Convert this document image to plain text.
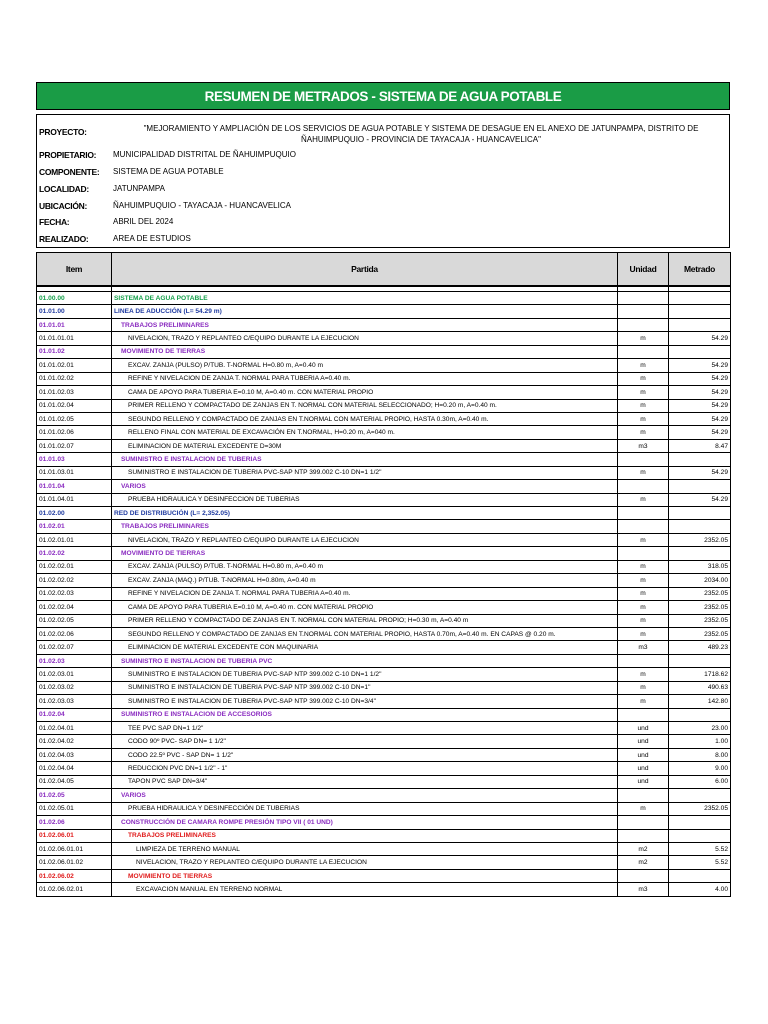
RESUMEN DE METRADOS - SISTEMA DE AGUA POTABLE
PROYECTO:	"MEJORAMIENTO Y AMPLIACIÓN DE LOS SERVICIOS DE AGUA POTABLE Y SISTEMA DE DESAGUE EN EL ANEXO DE JATUNPAMPA, DISTRITO DE ÑAHUIMPUQUIO - PROVINCIA DE TAYACAJA - HUANCAVELICA"
PROPIETARIO: MUNICIPALIDAD DISTRITAL DE ÑAHUIMPUQUIO
COMPONENTE: SISTEMA DE AGUA POTABLE
LOCALIDAD:	JATUNPAMPA
UBICACIÓN:	ÑAHUIMPUQUIO - TAYACAJA - HUANCAVELICA
FECHA:	ABRIL DEL 2024
REALIZADO:	AREA DE ESTUDIOS
Item	Partida	Unidad	Metrado

01.00.00	SISTEMA DE AGUA POTABLE		
01.01.00	LINEA DE ADUCCIÓN (L= 54.29 m)		
01.01.01	TRABAJOS PRELIMINARES		
01.01.01.01	NIVELACION, TRAZO Y REPLANTEO C/EQUIPO DURANTE LA EJECUCION	m	54.29
01.01.02	MOVIMIENTO DE TIERRAS		
01.01.02.01	EXCAV. ZANJA (PULSO) P/TUB. T-NORMAL H=0.80 m, A=0.40 m	m	54.29
01.01.02.02	REFINE Y NIVELACION DE ZANJA T. NORMAL PARA TUBERIA A=0.40 m.	m	54.29
01.01.02.03	CAMA DE APOYO PARA TUBERIA E=0.10 M, A=0.40 m. CON MATERIAL PROPIO	m	54.29
01.01.02.04	PRIMER RELLENO Y COMPACTADO DE ZANJAS EN T. NORMAL CON MATERIAL SELECCIONADO; H=0.20 m, A=0.40 m.	m	54.29
01.01.02.05	SEGUNDO RELLENO Y COMPACTADO DE ZANJAS EN T.NORMAL CON MATERIAL PROPIO, HASTA 0.30m, A=0.40 m.	m	54.29
01.01.02.06	RELLENO FINAL CON MATERIAL DE EXCAVACIÓN EN T.NORMAL, H=0.20 m, A=040 m.	m	54.29
01.01.02.07	ELIMINACION DE MATERIAL EXCEDENTE D=30M	m3	8.47
01.01.03	SUMINISTRO E INSTALACION DE TUBERIAS		
01.01.03.01	SUMINISTRO E INSTALACION DE TUBERIA PVC-SAP NTP 399.002 C-10 DN=1 1/2"	m	54.29
01.01.04	VARIOS		
01.01.04.01	PRUEBA HIDRAULICA Y DESINFECCION DE TUBERIAS	m	54.29
01.02.00	RED DE DISTRIBUCIÓN (L= 2,352.05)		
01.02.01	TRABAJOS PRELIMINARES		
01.02.01.01	NIVELACION, TRAZO Y REPLANTEO C/EQUIPO DURANTE LA EJECUCION	m	2352.05
01.02.02	MOVIMIENTO DE TIERRAS		
01.02.02.01	EXCAV. ZANJA (PULSO) P/TUB. T-NORMAL H=0.80 m, A=0.40 m	m	318.05
01.02.02.02	EXCAV. ZANJA (MAQ.) P/TUB. T-NORMAL H=0.80m, A=0.40 m	m	2034.00
01.02.02.03	REFINE Y NIVELACION DE ZANJA T. NORMAL PARA TUBERIA A=0.40 m.	m	2352.05
01.02.02.04	CAMA DE APOYO PARA TUBERIA E=0.10 M, A=0.40 m. CON MATERIAL PROPIO	m	2352.05
01.02.02.05	PRIMER RELLENO Y COMPACTADO DE ZANJAS EN T. NORMAL CON MATERIAL PROPIO; H=0.30 m, A=0.40 m	m	2352.05
01.02.02.06	SEGUNDO RELLENO Y COMPACTADO DE ZANJAS EN T.NORMAL CON MATERIAL PROPIO, HASTA 0.70m, A=0.40 m. EN CAPAS @ 0.20 m.	m	2352.05
01.02.02.07	ELIMINACION DE MATERIAL EXCEDENTE CON MAQUINARIA	m3	489.23
01.02.03	SUMINISTRO E INSTALACION DE TUBERIA PVC		
01.02.03.01	SUMINISTRO E INSTALACION DE TUBERIA PVC-SAP NTP 399.002 C-10 DN=1 1/2"	m	1718.62
01.02.03.02	SUMINISTRO E INSTALACION DE TUBERIA PVC-SAP NTP 399.002 C-10 DN=1"	m	490.63
01.02.03.03	SUMINISTRO E INSTALACION DE TUBERIA PVC-SAP NTP 399.002 C-10 DN=3/4"	m	142.80
01.02.04	SUMINISTRO E INSTALACION DE ACCESORIOS		
01.02.04.01	TEE PVC SAP DN=1 1/2"	und	23.00
01.02.04.02	CODO 90º PVC- SAP DN= 1 1/2"	und	1.00
01.02.04.03	CODO 22.5º PVC - SAP DN= 1 1/2"	und	8.00
01.02.04.04	REDUCCION PVC DN=1 1/2" - 1"	und	9.00
01.02.04.05	TAPON PVC SAP DN=3/4"	und	6.00
01.02.05	VARIOS		
01.02.05.01	PRUEBA HIDRAULICA Y DESINFECCIÓN DE TUBERIAS	m	2352.05
01.02.06	CONSTRUCCIÓN DE CAMARA ROMPE PRESIÓN TIPO VII ( 01 UND)		
01.02.06.01	TRABAJOS PRELIMINARES		
01.02.06.01.01	LIMPIEZA DE TERRENO MANUAL	m2	5.52
01.02.06.01.02	NIVELACION, TRAZO Y REPLANTEO C/EQUIPO DURANTE LA EJECUCION	m2	5.52
01.02.06.02	MOVIMIENTO DE TIERRAS		
01.02.06.02.01	EXCAVACION MANUAL EN TERRENO NORMAL	m3	4.00
